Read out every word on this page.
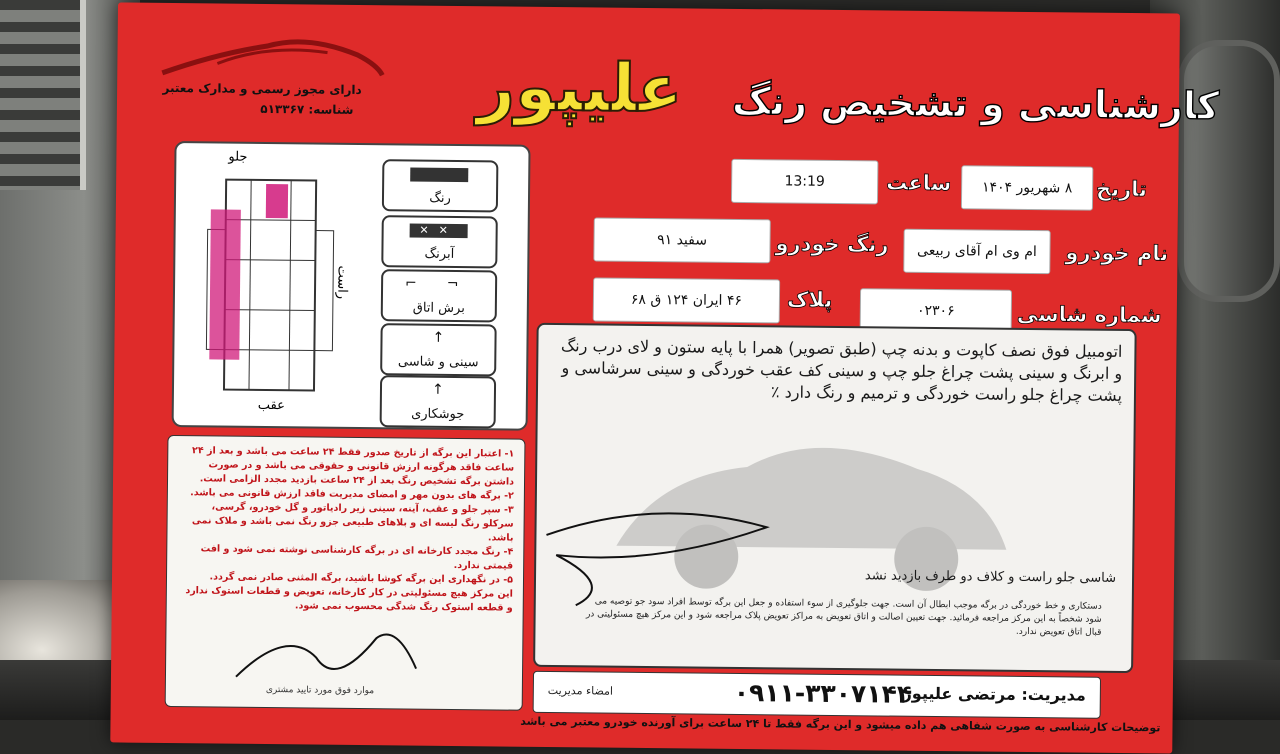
دارای مجوز رسمی و مدارک معتبر
شناسه: ۵۱۳۳۶۷	علیپور کارشناسی و تشخیص رنگ
تاریخ
۸ شهریور ۱۴۰۴
ساعت
13:19
نام خودرو
ام وی ام آقای ربیعی
رنگ خودرو
سفید ۹۱
شماره شاسی
۰۲۳۰۶
پلاک
۴۶ ایران ۱۲۴ ق ۶۸
جلو
عقب
راست
رنگ
✕✕
آبرنگ
⌐¬
برش اتاق
↑
سینی و شاسی
↑
جوشکاری
اتومبیل فوق نصف کاپوت و بدنه چپ (طبق تصویر) همرا با پایه ستون و لای درب رنگ و ابرنگ و سینی پشت چراغ جلو چپ و سینی کف عقب خوردگی و سینی سرشاسی و پشت چراغ جلو راست خوردگی و ترمیم و رنگ دارد ٪
شاسی جلو راست و کلاف دو طرف بازدید نشد
دستکاری و خط خوردگی در برگه موجب ابطال آن است. جهت جلوگیری از سوء استفاده و جعل این برگه توسط افراد سود جو توصیه می شود شخصاً به این مرکز مراجعه فرمائید. جهت تعیین اصالت و اتاق تعویض به مراکز تعویض پلاک مراجعه شود و این مرکز هیچ مسئولیتی در قبال اتاق تعویض ندارد.
۱- اعتبار این برگه از تاریخ صدور فقط ۲۴ ساعت می باشد و بعد از ۲۴ ساعت فاقد هرگونه ارزش قانونی و حقوقی می باشد و در صورت داشتن برگه تشخیص رنگ بعد از ۲۴ ساعت بازدید مجدد الزامی است.
۲- برگه های بدون مهر و امضای مدیریت فاقد ارزش قانونی می باشد.
۳- سپر جلو و عقب، آینه، سینی زیر رادیاتور و گل خودرو، گرسی، سرکلو رنگ لیسه ای و بلاهای طبیعی جزو رنگ نمی باشد و ملاک نمی باشد.
۴- رنگ مجدد کارخانه ای در برگه کارشناسی نوشته نمی شود و افت قیمتی ندارد.
۵- در نگهداری این برگه کوشا باشید، برگه المثنی صادر نمی گردد.
این مرکز هیچ مسئولیتی در کار کارخانه، تعویض و قطعات استوک ندارد و قطعه استوک رنگ شدگی محسوب نمی شود.
موارد فوق مورد تایید مشتری	مدیریت: مرتضی علیپور
۰۹۱۱-۳۳۰۷۱۴۴
امضاء مدیریت
توضیحات کارشناسی به صورت شفاهی هم داده میشود و این برگه فقط تا ۲۴ ساعت برای آورنده خودرو معتبر می باشد
